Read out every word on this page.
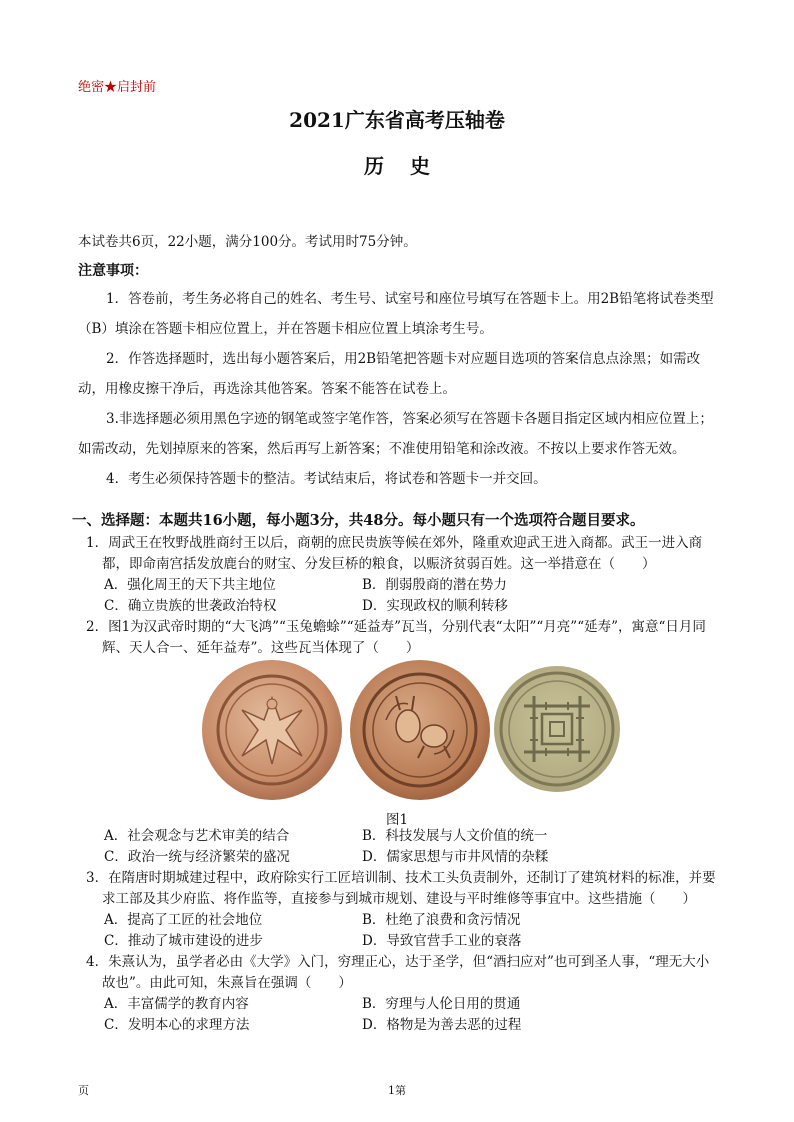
绝密★启封前
2021广东省高考压轴卷
历史
本试卷共6页，22小题，满分100分。考试用时75分钟。
注意事项：

1．答卷前，考生务必将自己的姓名、考生号、试室号和座位号填写在答题卡上。用2B铅笔将试卷类型（B）填涂在答题卡相应位置上，并在答题卡相应位置上填涂考生号。

2．作答选择题时，选出每小题答案后，用2B铅笔把答题卡对应题目选项的答案信息点涂黑；如需改动，用橡皮擦干净后，再选涂其他答案。答案不能答在试卷上。

3.非选择题必须用黑色字迹的钢笔或签字笔作答，答案必须写在答题卡各题目指定区域内相应位置上；如需改动，先划掉原来的答案，然后再写上新答案；不准使用铅笔和涂改液。不按以上要求作答无效。

4．考生必须保持答题卡的整洁。考试结束后，将试卷和答题卡一并交回。

一、选择题：本题共16小题，每小题3分，共48分。每小题只有一个选项符合题目要求。

1．周武王在牧野战胜商纣王以后，商朝的庶民贵族等候在郊外，隆重欢迎武王进入商都。武王一进入商都，即命南宫括发放鹿台的财宝、分发巨桥的粮食，以赈济贫弱百姓。这一举措意在（　　）

A．强化周王的天下共主地位	B．削弱殷商的潜在势力
C．确立贵族的世袭政治特权	D．实现政权的顺利转移

2．图1为汉武帝时期的“大飞鸿”“玉兔蟾蜍”“延益寿”瓦当，分别代表“太阳”“月亮”“延寿”，寓意“日月同辉、天人合一、延年益寿”。这些瓦当体现了（　　）

图1
A．社会观念与艺术审美的结合	B．科技发展与人文价值的统一
C．政治一统与经济繁荣的盛况	D．儒家思想与市井风情的杂糅

3．在隋唐时期城建过程中，政府除实行工匠培训制、技术工头负责制外，还制订了建筑材料的标准，并要求工部及其少府监、将作监等，直接参与到城市规划、建设与平时维修等事宜中。这些措施（　　）

A．提高了工匠的社会地位	B．杜绝了浪费和贪污情况
C．推动了城市建设的进步	D．导致官营手工业的衰落

4．朱熹认为，虽学者必由《大学》入门，穷理正心，达于圣学，但“酒扫应对”也可到圣人事，“理无大小故也”。由此可知，朱熹旨在强调（　　）

A．丰富儒学的教育内容	B．穷理与人伦日用的贯通
C．发明本心的求理方法	D．格物是为善去恶的过程
页	1第
